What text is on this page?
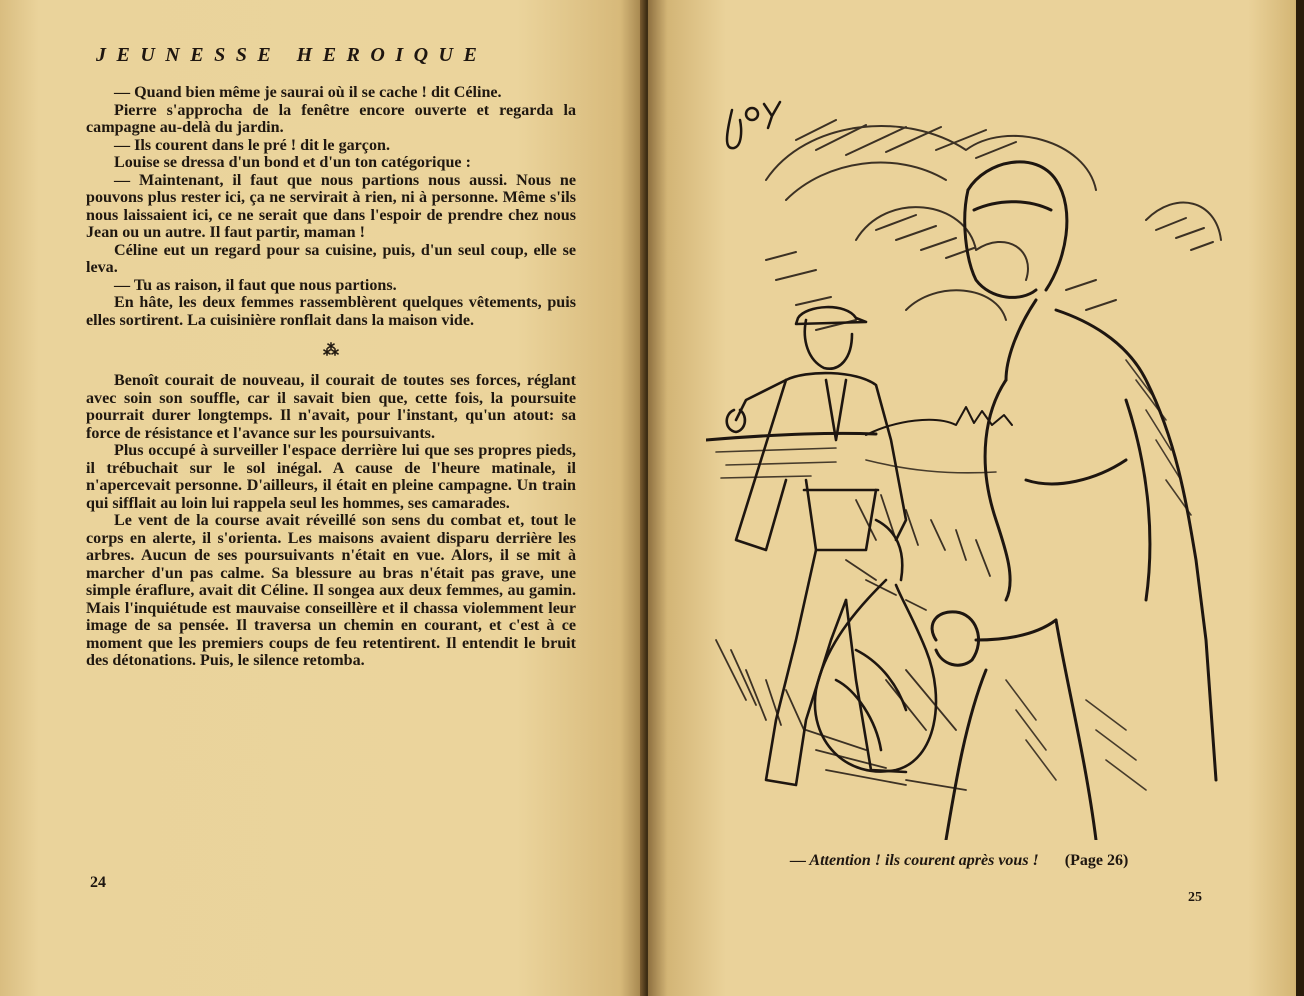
JEUNESSE HEROIQUE

— Quand bien même je saurai où il se cache ! dit Céline.

Pierre s'approcha de la fenêtre encore ouverte et regarda la campagne au-delà du jardin.

— Ils courent dans le pré ! dit le garçon.

Louise se dressa d'un bond et d'un ton catégorique :

— Maintenant, il faut que nous partions nous aussi. Nous ne pouvons plus rester ici, ça ne servirait à rien, ni à personne. Même s'ils nous laissaient ici, ce ne serait que dans l'espoir de prendre chez nous Jean ou un autre. Il faut partir, maman !

Céline eut un regard pour sa cuisine, puis, d'un seul coup, elle se leva.

— Tu as raison, il faut que nous partions.

En hâte, les deux femmes rassemblèrent quelques vêtements, puis elles sortirent. La cuisinière ronflait dans la maison vide.

⁂

Benoît courait de nouveau, il courait de toutes ses forces, réglant avec soin son souffle, car il savait bien que, cette fois, la poursuite pourrait durer longtemps. Il n'avait, pour l'instant, qu'un atout: sa force de résistance et l'avance sur les poursuivants.

Plus occupé à surveiller l'espace derrière lui que ses propres pieds, il trébuchait sur le sol inégal. A cause de l'heure matinale, il n'apercevait personne. D'ailleurs, il était en pleine campagne. Un train qui sifflait au loin lui rappela seul les hommes, ses camarades.

Le vent de la course avait réveillé son sens du combat et, tout le corps en alerte, il s'orienta. Les maisons avaient disparu derrière les arbres. Aucun de ses poursuivants n'était en vue. Alors, il se mit à marcher d'un pas calme. Sa blessure au bras n'était pas grave, une simple éraflure, avait dit Céline. Il songea aux deux femmes, au gamin. Mais l'inquiétude est mauvaise conseillère et il chassa violemment leur image de sa pensée. Il traversa un chemin en courant, et c'est à ce moment que les premiers coups de feu retentirent. Il entendit le bruit des détonations. Puis, le silence retomba.

24
— Attention ! ils courent après vous ! (Page 26)
25
